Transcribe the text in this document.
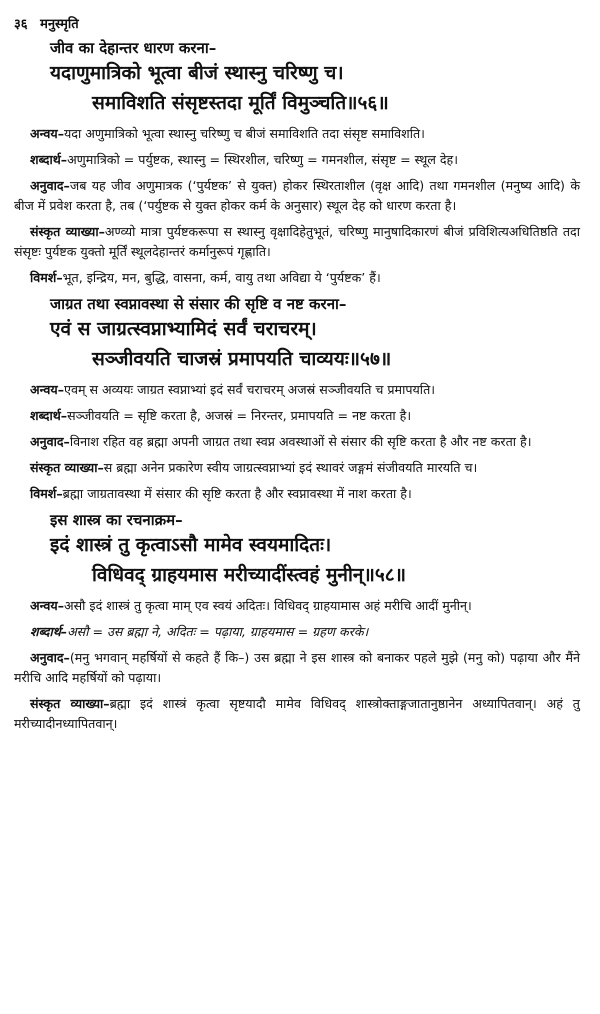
३६ मनुस्मृति
जीव का देहान्तर धारण करना–
यदाणुमात्रिको भूत्वा बीजं स्थास्नु चरिष्णु च।
समाविशति संसृष्टस्तदा मूर्तिं विमुञ्चति॥५६॥

अन्वय–यदा अणुमात्रिको भूत्वा स्थास्नु चरिष्णु च बीजं समाविशति तदा संसृष्ट समाविशति।

शब्दार्थ–अणुमात्रिको = पर्युष्टक, स्थास्नु = स्थिरशील, चरिष्णु = गमनशील, संसृष्ट = स्थूल देह।

अनुवाद–जब यह जीव अणुमात्रक (‘पुर्यष्टक’ से युक्त) होकर स्थिरताशील (वृक्ष आदि) तथा गमनशील (मनुष्य आदि) के बीज में प्रवेश करता है, तब (‘पर्युष्टक से युक्त होकर कर्म के अनुसार) स्थूल देह को धारण करता है।

संस्कृत व्याख्या–अण्व्यो मात्रा पुर्यष्टकरूपा स स्थास्नु वृक्षादिहेतुभूतं, चरिष्णु मानुषादिकारणं बीजं प्रविशित्यअधितिष्ठति तदा संसृष्टः पुर्यष्टक युक्तो मूर्तिं स्थूलदेहान्तरं कर्मानुरूपं गृह्णाति।

विमर्श–भूत, इन्द्रिय, मन, बुद्धि, वासना, कर्म, वायु तथा अविद्या ये ‘पुर्यष्टक’ हैं।

जाग्रत तथा स्वप्नावस्था से संसार की सृष्टि व नष्ट करना–
एवं स जाग्रत्स्वप्नाभ्यामिदं सर्वं चराचरम्।
सञ्जीवयति चाजस्रं प्रमापयति चाव्ययः॥५७॥

अन्वय–एवम् स अव्ययः जाग्रत स्वप्नाभ्यां इदं सर्वं चराचरम् अजस्रं सञ्जीवयति च प्रमापयति।

शब्दार्थ–सञ्जीवयति = सृष्टि करता है, अजस्रं = निरन्तर, प्रमापयति = नष्ट करता है।

अनुवाद–विनाश रहित वह ब्रह्मा अपनी जाग्रत तथा स्वप्न अवस्थाओं से संसार की सृष्टि करता है और नष्ट करता है।

संस्कृत व्याख्या–स ब्रह्मा अनेन प्रकारेण स्वीय जाग्रत्स्वप्नाभ्यां इदं स्थावरं जङ्गमं संजीवयति मारयति च।

विमर्श–ब्रह्मा जाग्रतावस्था में संसार की सृष्टि करता है और स्वप्नावस्था में नाश करता है।

इस शास्त्र का रचनाक्रम–
इदं शास्त्रं तु कृत्वाऽसौ मामेव स्वयमादितः।
विधिवद् ग्राहयमास मरीच्यादींस्त्वहं मुनीन्॥५८॥

अन्वय–असौ इदं शास्त्रं तु कृत्वा माम् एव स्वयं अदितः। विधिवद् ग्राहयामास अहं मरीचि आदीं मुनीन्।

शब्दार्थ–असौ = उस ब्रह्मा ने, अदितः = पढ़ाया, ग्राहयमास = ग्रहण करके।

अनुवाद–(मनु भगवान् महर्षियों से कहते हैं कि–) उस ब्रह्मा ने इस शास्त्र को बनाकर पहले मुझे (मनु को) पढ़ाया और मैंने मरीचि आदि महर्षियों को पढ़ाया।

संस्कृत व्याख्या–ब्रह्मा इदं शास्त्रं कृत्वा सृष्टयादौ मामेव विधिवद् शास्त्रोक्ताङ्गजातानुष्ठानेन अध्यापितवान्। अहं तु मरीच्यादीनध्यापितवान्।
